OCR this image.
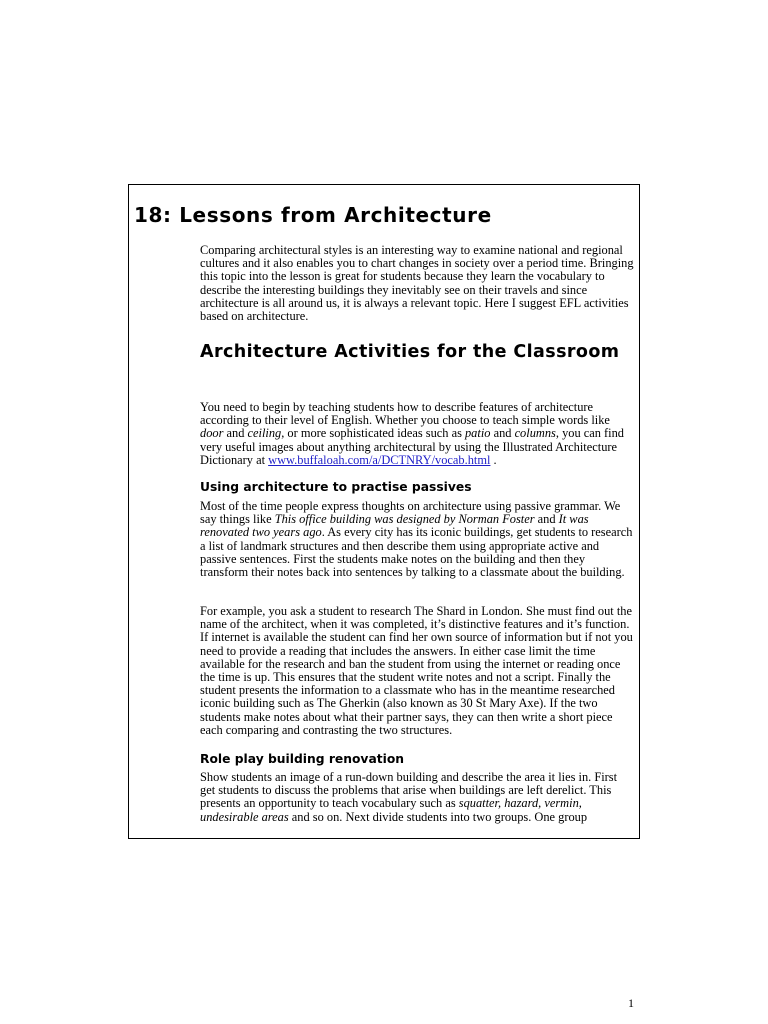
18: Lessons from Architecture

Comparing architectural styles is an interesting way to examine national and regional cultures and it also enables you to chart changes in society over a period time. Bringing this topic into the lesson is great for students because they learn the vocabulary to describe the interesting buildings they inevitably see on their travels and since architecture is all around us, it is always a relevant topic. Here I suggest EFL activities based on architecture.

Architecture Activities for the Classroom

You need to begin by teaching students how to describe features of architecture according to their level of English. Whether you choose to teach simple words like door and ceiling, or more sophisticated ideas such as patio and columns, you can find very useful images about anything architectural by using the Illustrated Architecture Dictionary at www.buffaloah.com/a/DCTNRY/vocab.html .

Using architecture to practise passives

Most of the time people express thoughts on architecture using passive grammar. We say things like This office building was designed by Norman Foster and It was renovated two years ago. As every city has its iconic buildings, get students to research a list of landmark structures and then describe them using appropriate active and passive sentences. First the students make notes on the building and then they transform their notes back into sentences by talking to a classmate about the building.

For example, you ask a student to research The Shard in London. She must find out the name of the architect, when it was completed, it’s distinctive features and it’s function. If internet is available the student can find her own source of information but if not you need to provide a reading that includes the answers. In either case limit the time available for the research and ban the student from using the internet or reading once the time is up. This ensures that the student write notes and not a script. Finally the student presents the information to a classmate who has in the meantime researched iconic building such as The Gherkin (also known as 30 St Mary Axe). If the two students make notes about what their partner says, they can then write a short piece each comparing and contrasting the two structures.

Role play building renovation

Show students an image of a run-down building and describe the area it lies in. First get students to discuss the problems that arise when buildings are left derelict. This presents an opportunity to teach vocabulary such as squatter, hazard, vermin, undesirable areas and so on. Next divide students into two groups. One group

1
